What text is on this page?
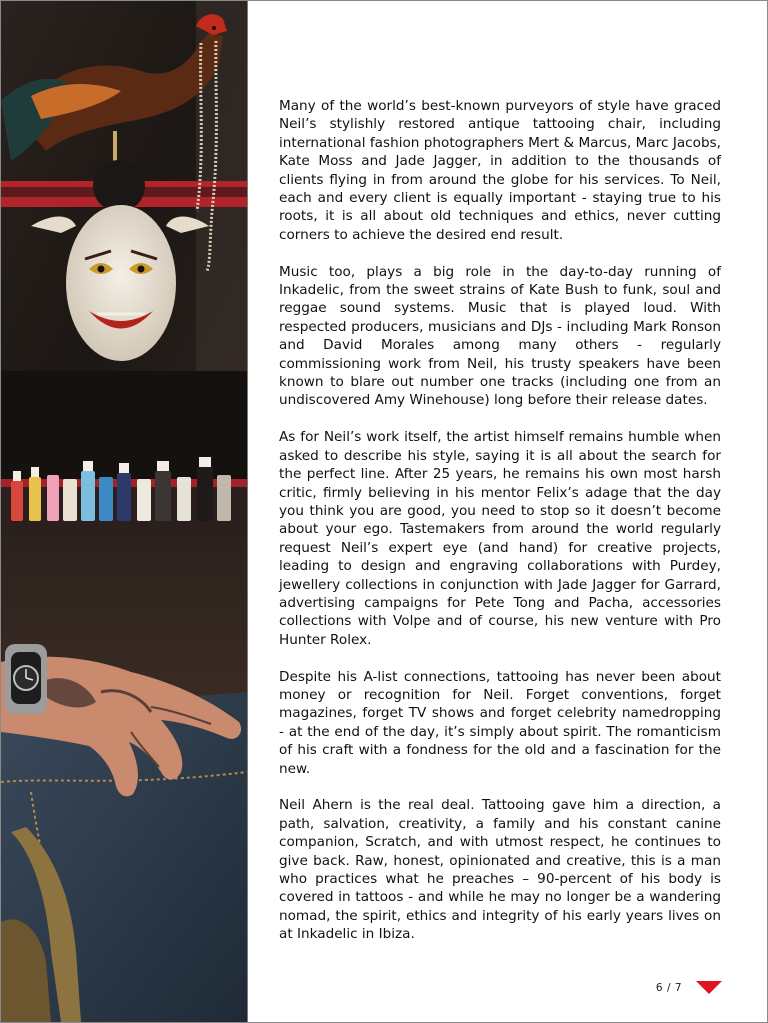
Many of the world’s best-known purveyors of style have graced Neil’s stylishly restored antique tattooing chair, including international fashion photographers Mert & Marcus, Marc Jacobs, Kate Moss and Jade Jagger, in addition to the thousands of clients flying in from around the globe for his services. To Neil, each and every client is equally important - staying true to his roots, it is all about old techniques and ethics, never cutting corners to achieve the desired end result.

Music too, plays a big role in the day-to-day running of Inkadelic, from the sweet strains of Kate Bush to funk, soul and reggae sound systems. Music that is played loud. With respected producers, musicians and DJs - including Mark Ronson and David Morales among many others - regularly commissioning work from Neil, his trusty speakers have been known to blare out number one tracks (including one from an undiscovered Amy Winehouse) long before their release dates.

As for Neil’s work itself, the artist himself remains humble when asked to describe his style, saying it is all about the search for the perfect line. After 25 years, he remains his own most harsh critic, firmly believing in his mentor Felix’s adage that the day you think you are good, you need to stop so it doesn’t become about your ego. Tastemakers from around the world regularly request Neil’s expert eye (and hand) for creative projects, leading to design and engraving collaborations with Purdey, jewellery collections in conjunction with Jade Jagger for Garrard, advertising campaigns for Pete Tong and Pacha, accessories collections with Volpe and of course, his new venture with Pro Hunter Rolex.

Despite his A-list connections, tattooing has never been about money or recognition for Neil. Forget conventions, forget magazines, forget TV shows and forget celebrity namedropping - at the end of the day, it’s simply about spirit. The romanticism of his craft with a fondness for the old and a fascination for the new.

Neil Ahern is the real deal. Tattooing gave him a direction, a path, salvation, creativity, a family and his constant canine companion, Scratch, and with utmost respect, he continues to give back. Raw, honest, opinionated and creative, this is a man who practices what he preaches – 90-percent of his body is covered in tattoos - and while he may no longer be a wandering nomad, the spirit, ethics and integrity of his early years lives on at Inkadelic in Ibiza.

6 / 7
